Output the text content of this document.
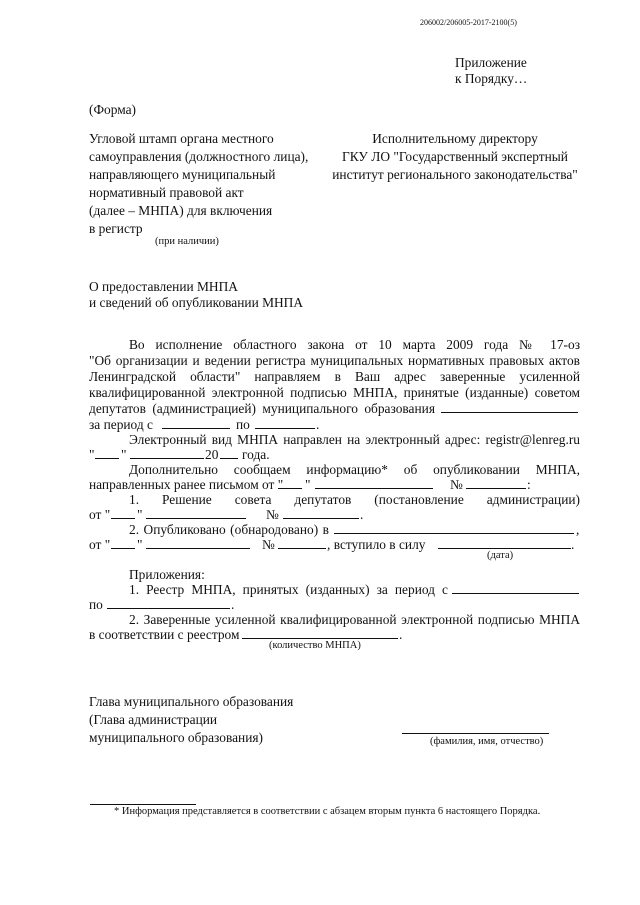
206002/206005-2017-2100(5)
Приложение
к Порядку…
(Форма)
Угловой штамп органа местного
самоуправления (должностного лица),
направляющего муниципальный
нормативный правовой акт
(далее – МНПА) для включения
в регистр
(при наличии)
Исполнительному директору
ГКУ ЛО "Государственный экспертный
институт регионального законодательства"
О предоставлении МНПА
и сведений об опубликовании МНПА
Во исполнение областного закона от 10 марта 2009 года № 17-оз
"Об организации и ведении регистра муниципальных нормативных правовых актов
Ленинградской области" направляем в Ваш адрес заверенные усиленной
квалифицированной электронной подписью МНПА, принятые (изданные) советом
депутатов (администрацией) муниципального образования
за период с	по	.
Электронный вид МНПА направлен на электронный адрес: registr@lenreg.ru
" "	20 года.
Дополнительно сообщаем информацию* об опубликовании МНПА,
направленных ранее письмом от " "	№	:
1. Решение совета депутатов (постановление администрации)
от " "	№	.
2. Опубликовано (обнародовано) в	,
от " "	№	, вступило в силу	.
(дата)
Приложения:
1. Реестр МНПА, принятых (изданных) за период с
по	.
2. Заверенные усиленной квалифицированной электронной подписью МНПА
в соответствии с реестром	.
(количество МНПА)
Глава муниципального образования
(Глава администрации
муниципального образования)	(фамилия, имя, отчество)
* Информация представляется в соответствии с абзацем вторым пункта 6 настоящего Порядка.
